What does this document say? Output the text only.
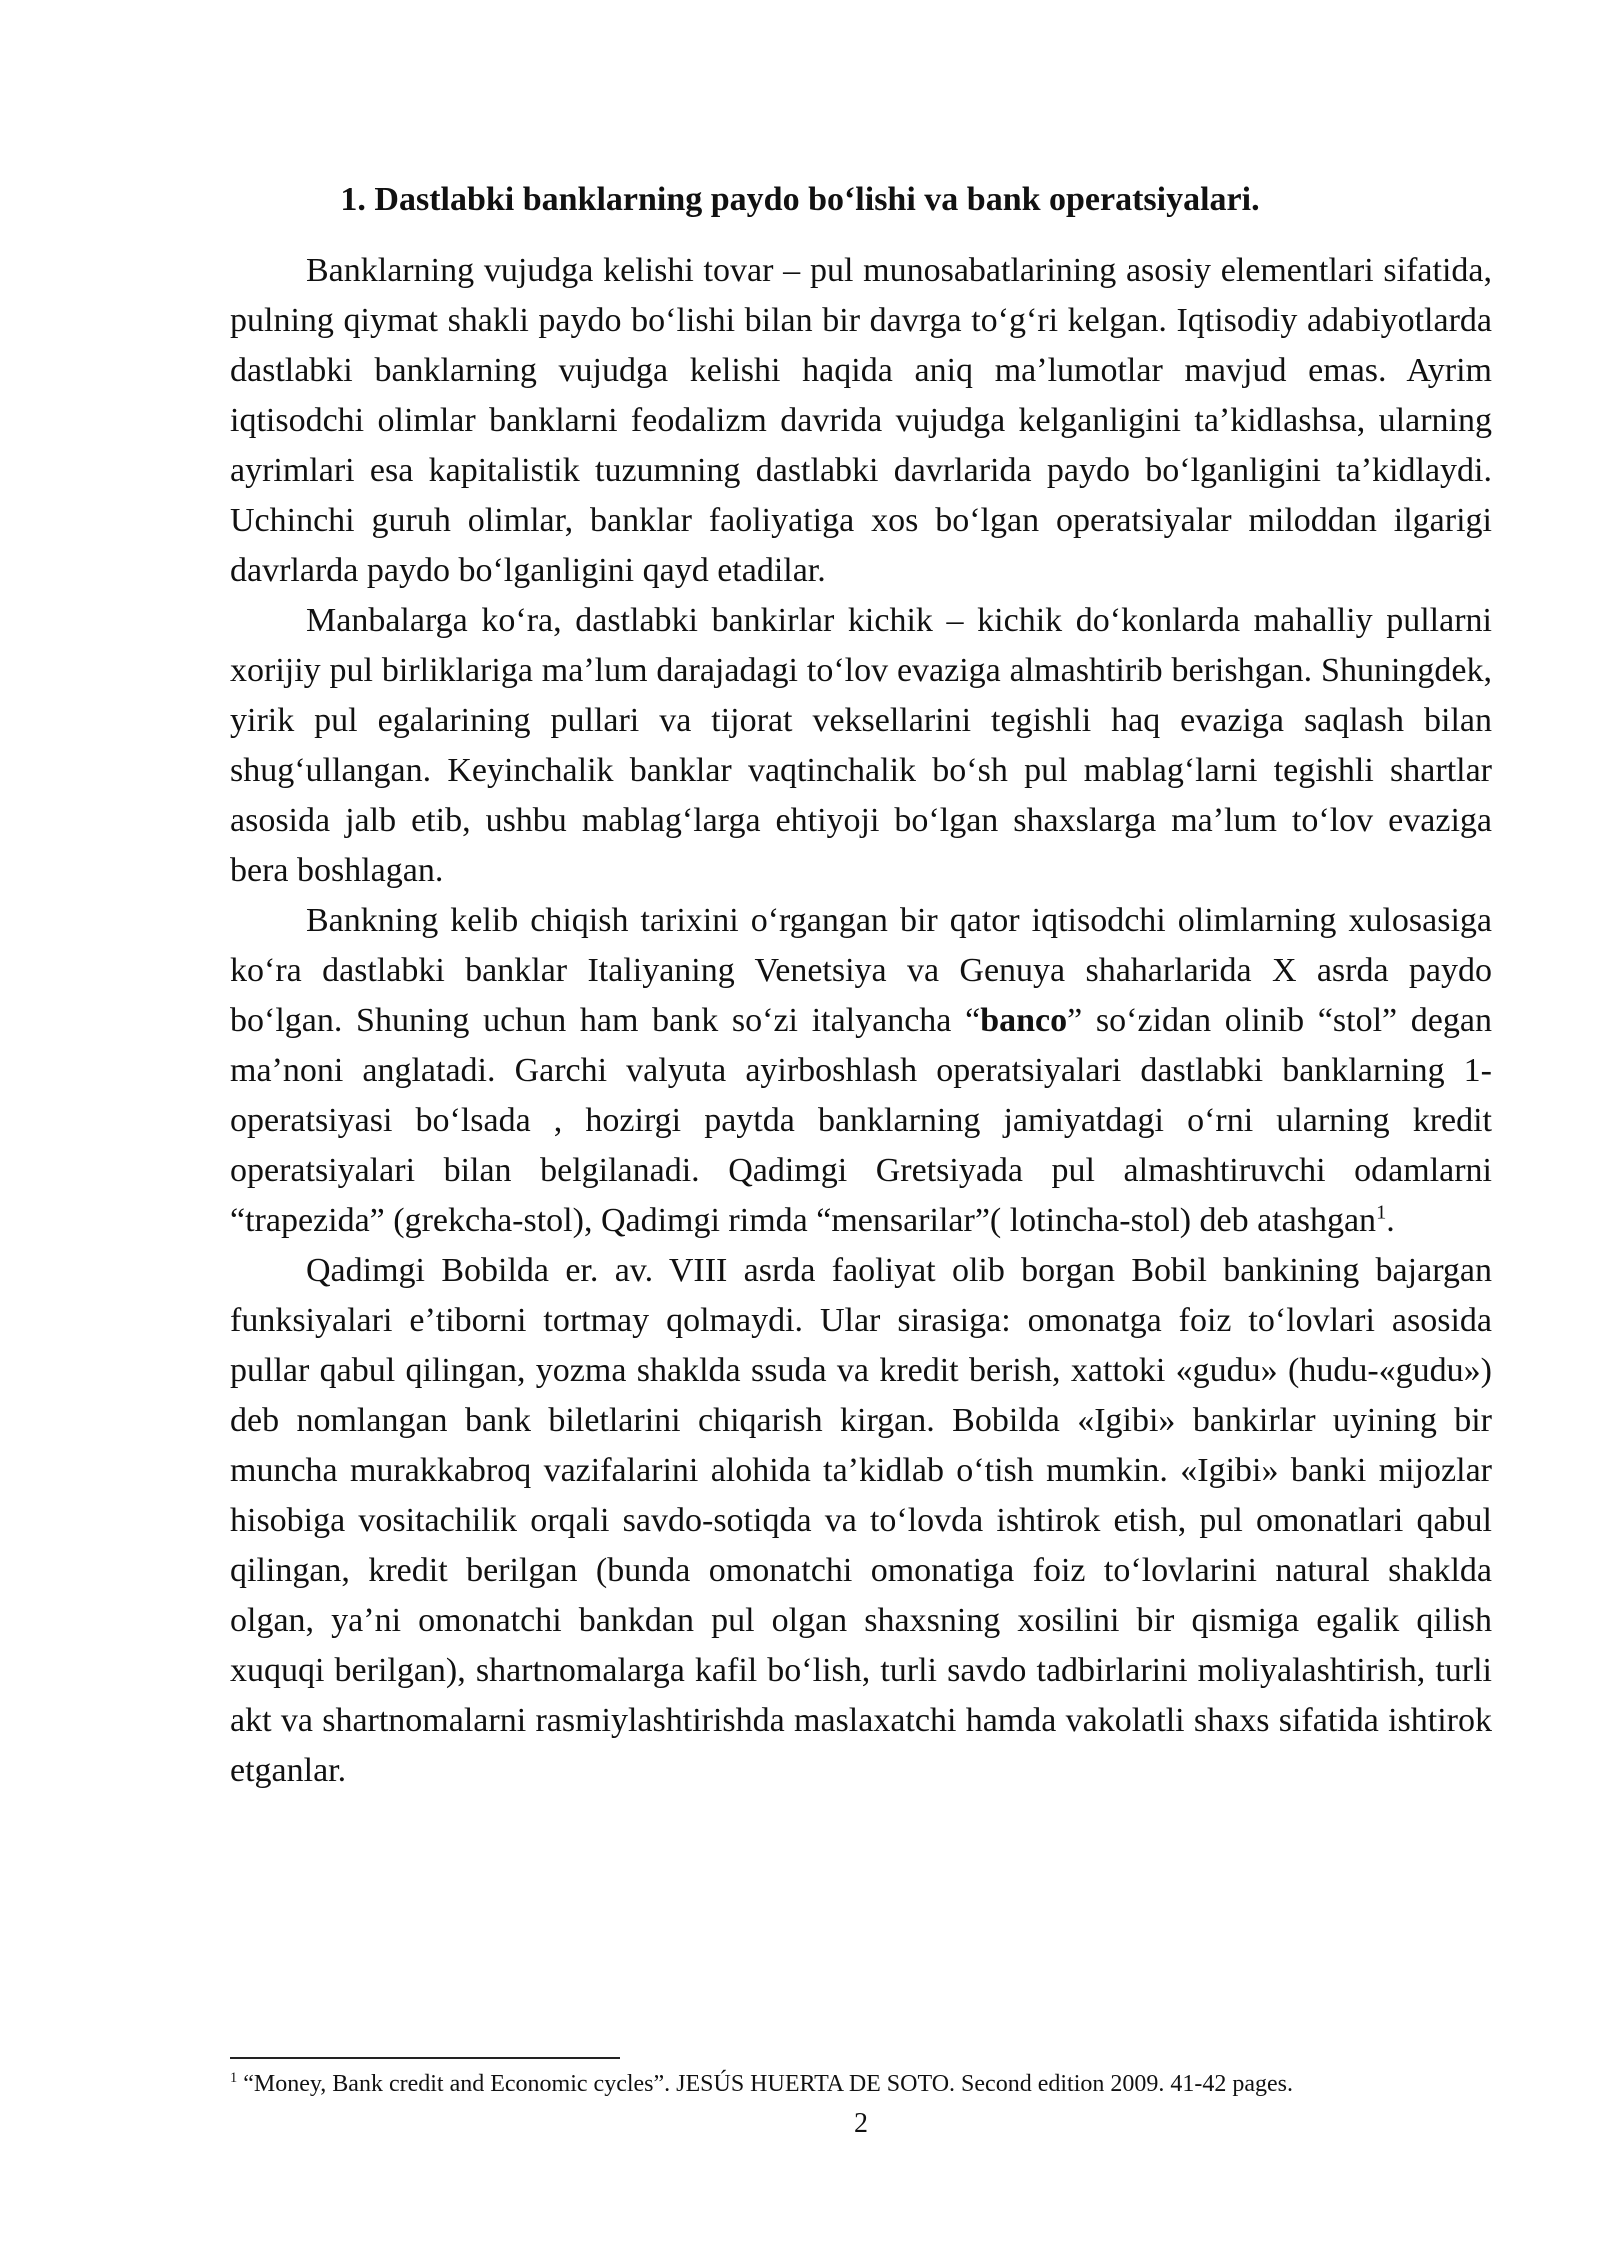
1. Dastlabki banklarning paydo boʻlishi va bank operatsiyalari.

Banklarning vujudga kelishi tovar – pul munosabatlarining asosiy elementlari sifatida, pulning qiymat shakli paydo boʻlishi bilan bir davrga toʻgʻri kelgan. Iqtisodiy adabiyotlarda dastlabki banklarning vujudga kelishi haqida aniq maʼlumotlar mavjud emas. Ayrim iqtisodchi olimlar banklarni feodalizm davrida vujudga kelganligini taʼkidlashsa, ularning ayrimlari esa kapitalistik tuzumning dastlabki davrlarida paydo boʻlganligini taʼkidlaydi. Uchinchi guruh olimlar, banklar faoliyatiga xos boʻlgan operatsiyalar miloddan ilgarigi davrlarda paydo boʻlganligini qayd etadilar.

Manbalarga koʻra, dastlabki bankirlar kichik – kichik doʻkonlarda mahalliy pullarni xorijiy pul birliklariga maʼlum darajadagi toʻlov evaziga almashtirib berishgan. Shuningdek, yirik pul egalarining pullari va tijorat veksellarini tegishli haq evaziga saqlash bilan shugʻullangan. Keyinchalik banklar vaqtinchalik boʻsh pul mablagʻlarni tegishli shartlar asosida jalb etib, ushbu mablagʻlarga ehtiyoji boʻlgan shaxslarga maʼlum toʻlov evaziga bera boshlagan.

Bankning kelib chiqish tarixini oʻrgangan bir qator iqtisodchi olimlarning xulosasiga koʻra dastlabki banklar Italiyaning Venetsiya va Genuya shaharlarida X asrda paydo boʻlgan. Shuning uchun ham bank soʻzi italyancha “banco” soʻzidan olinib “stol” degan maʼnoni anglatadi. Garchi valyuta ayirboshlash operatsiyalari dastlabki banklarning 1-operatsiyasi boʻlsada , hozirgi paytda banklarning jamiyatdagi oʻrni ularning kredit operatsiyalari bilan belgilanadi. Qadimgi Gretsiyada pul almashtiruvchi odamlarni “trapezida” (grekcha-stol), Qadimgi rimda “mensarilar”( lotincha-stol) deb atashgan$^1$.

Qadimgi Bobilda er. av. VIII asrda faoliyat olib borgan Bobil bankining bajargan funksiyalari eʼtiborni tortmay qolmaydi. Ular sirasiga: omonatga foiz toʻlovlari asosida pullar qabul qilingan, yozma shaklda ssuda va kredit berish, xattoki «gudu» (hudu-«gudu») deb nomlangan bank biletlarini chiqarish kirgan. Bobilda «Igibi» bankirlar uyining bir muncha murakkabroq vazifalarini alohida taʼkidlab oʻtish mumkin. «Igibi» banki mijozlar hisobiga vositachilik orqali savdo-sotiqda va toʻlovda ishtirok etish, pul omonatlari qabul qilingan, kredit berilgan (bunda omonatchi omonatiga foiz toʻlovlarini natural shaklda olgan, yaʼni omonatchi bankdan pul olgan shaxsning xosilini bir qismiga egalik qilish xuquqi berilgan), shartnomalarga kafil boʻlish, turli savdo tadbirlarini moliyalashtirish, turli akt va shartnomalarni rasmiylashtirishda maslaxatchi hamda vakolatli shaxs sifatida ishtirok etganlar.

$^1$ “Money, Bank credit and Economic cycles”. JESÚS HUERTA DE SOTO. Second edition 2009. 41-42 pages.
2
